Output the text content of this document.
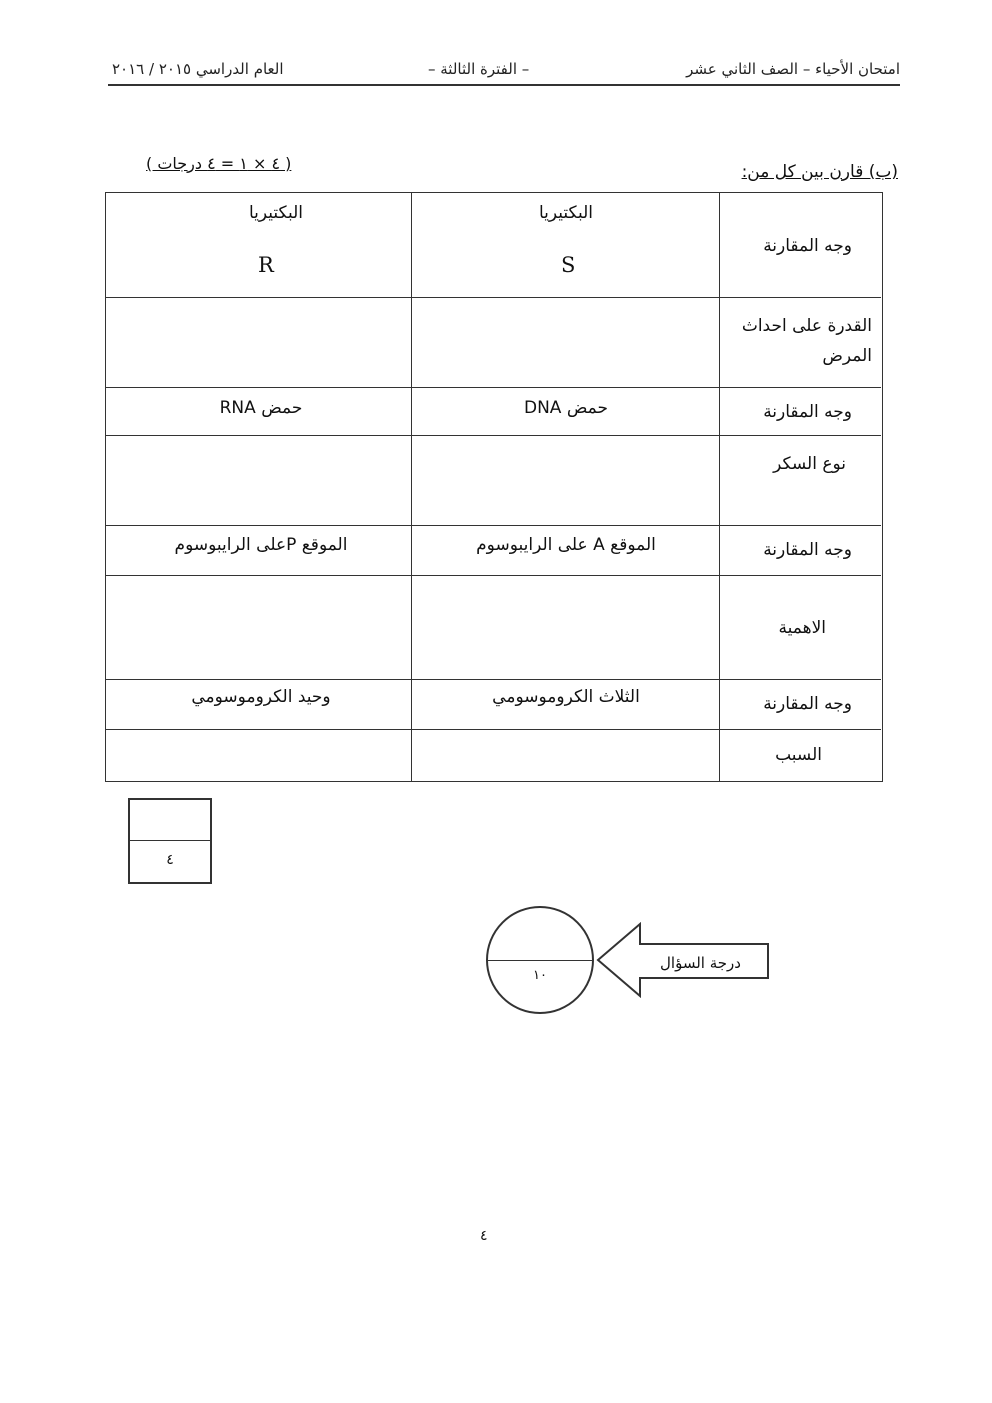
امتحان الأحياء – الصف الثاني عشر
– الفترة الثالثة –
العام الدراسي ٢٠١٥ / ٢٠١٦
(ب) قارن بين كل من:
( ٤ × ١ = ٤ درجات )
وجه المقارنة
البكتيريا
S
البكتيريا
R
القدرة على احداث المرض
وجه المقارنة
حمض DNA
حمض RNA
نوع السكر
وجه المقارنة
الموقع A على الرايبوسوم
الموقع Pعلى الرايبوسوم
الاهمية
وجه المقارنة
الثلاث الكروموسومي
وحيد الكروموسومي
السبب
٤
١٠
درجة السؤال
٤
